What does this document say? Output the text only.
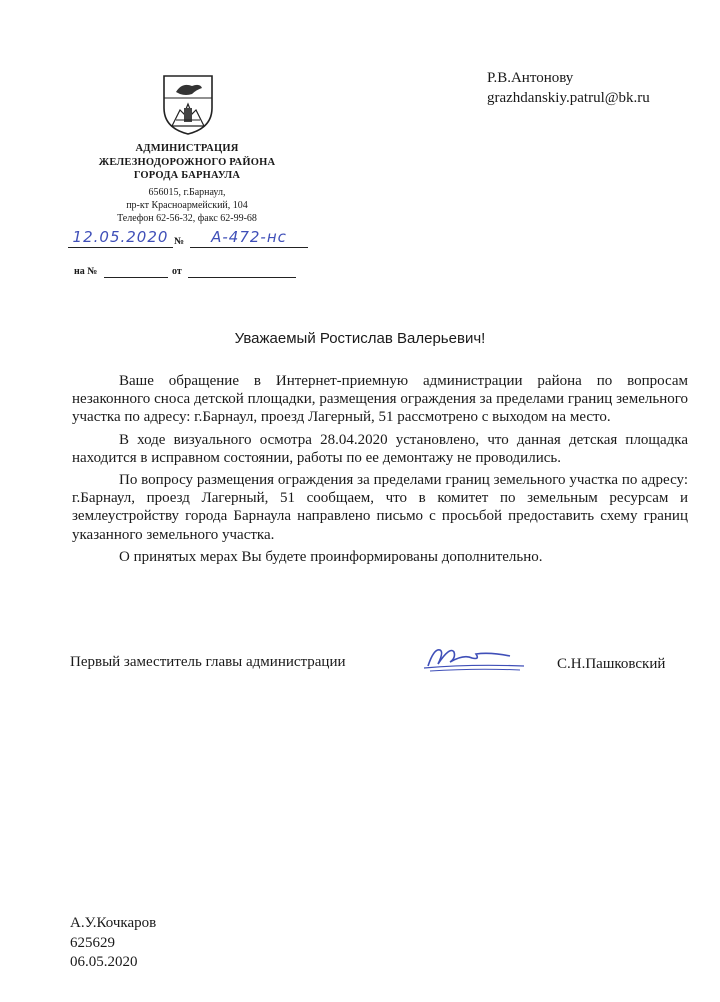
АДМИНИСТРАЦИЯ
ЖЕЛЕЗНОДОРОЖНОГО РАЙОНА
ГОРОДА БАРНАУЛА
656015, г.Барнаул,
пр-кт Красноармейский, 104
Телефон 62-56-32, факс 62-99-68
12.05.2020 №	А-472-нс
на №	от
Р.В.Антонову
grazhdanskiy.patrul@bk.ru
Уважаемый Ростислав Валерьевич!

Ваше обращение в Интернет-приемную администрации района по вопросам незаконного сноса детской площадки, размещения ограждения за пределами границ земельного участка по адресу: г.Барнаул, проезд Лагерный, 51 рассмотрено с выходом на место.

В ходе визуального осмотра 28.04.2020 установлено, что данная детская площадка находится в исправном состоянии, работы по ее демонтажу не проводились.

По вопросу размещения ограждения за пределами границ земельного участка по адресу: г.Барнаул, проезд Лагерный, 51 сообщаем, что в комитет по земельным ресурсам и землеустройству города Барнаула направлено письмо с просьбой предоставить схему границ указанного земельного участка.

О принятых мерах Вы будете проинформированы дополнительно.

Первый заместитель главы администрации	С.Н.Пашковский
А.У.Кочкаров
625629
06.05.2020
